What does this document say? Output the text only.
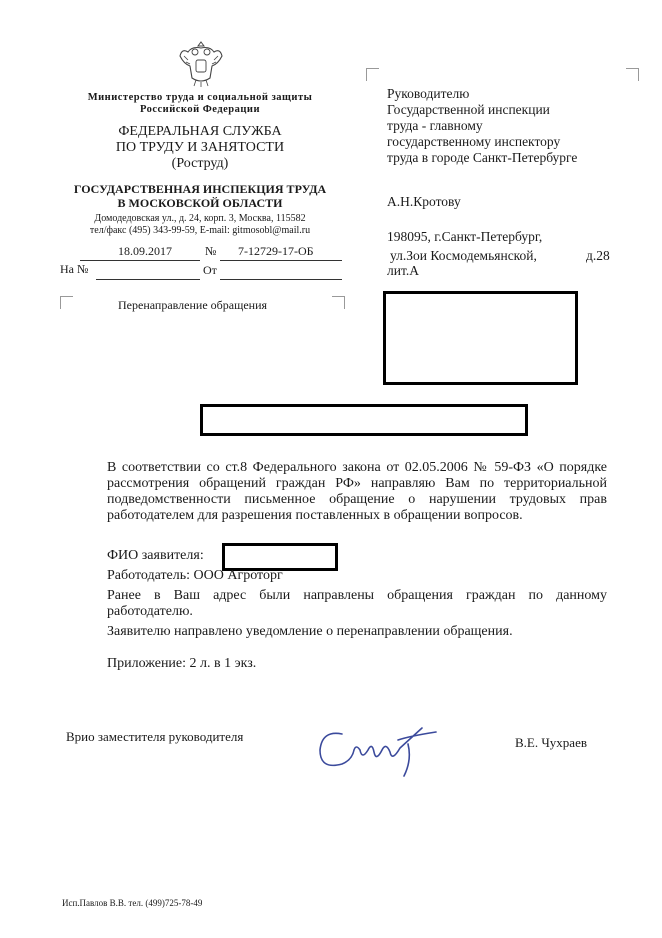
Министерство труда и социальной защиты
Российской Федерации
ФЕДЕРАЛЬНАЯ СЛУЖБА
ПО ТРУДУ И ЗАНЯТОСТИ
(Роструд)
ГОСУДАРСТВЕННАЯ ИНСПЕКЦИЯ ТРУДА
В МОСКОВСКОЙ ОБЛАСТИ
Домодедовская ул., д. 24, корп. 3, Москва, 115582
тел/факс (495) 343-99-59, E-mail: gitmosobl@mail.ru
18.09.2017	№ 7-12729-17-ОБ
На №	От
Перенаправление обращения
Руководителю
Государственной инспекции
труда - главному
государственному инспектору
труда в городе Санкт-Петербурге
А.Н.Кротову
198095, г.Санкт-Петербург,
ул.Зои Космодемьянской,	д.28
лит.А
В соответствии со ст.8 Федерального закона от 02.05.2006 № 59-ФЗ «О порядке рассмотрения обращений граждан РФ» направляю Вам по территориальной подведомственности письменное обращение о нарушении трудовых прав работодателем для разрешения поставленных в обращении вопросов.
ФИО заявителя:
Работодатель: ООО Агроторг
Ранее в Ваш адрес были направлены обращения граждан по данному работодателю.
Заявителю направлено уведомление о перенаправлении обращения.
Приложение: 2 л. в 1 экз.
Врио заместителя руководителя	В.Е. Чухраев
Исп.Павлов В.В. тел. (499)725-78-49
